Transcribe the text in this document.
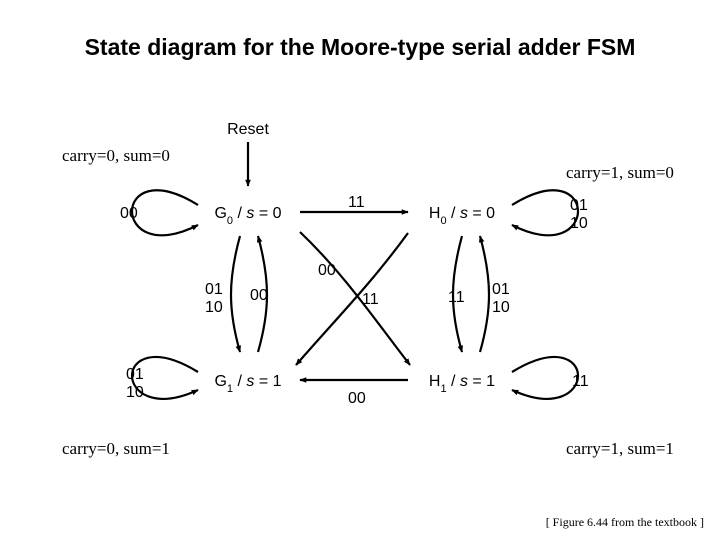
State diagram for the Moore-type serial adder FSM
Reset
$G_0 / s = 0$
$G_1 / s = 1$
$H_0 / s = 0$
$H_1 / s = 1$
00
01
10
01
10
11
01
10
00
11
00
11
00
11 01
10
carry=0, sum=0
carry=1, sum=0
carry=0, sum=1	carry=1, sum=1
[ Figure 6.44 from the textbook ]
